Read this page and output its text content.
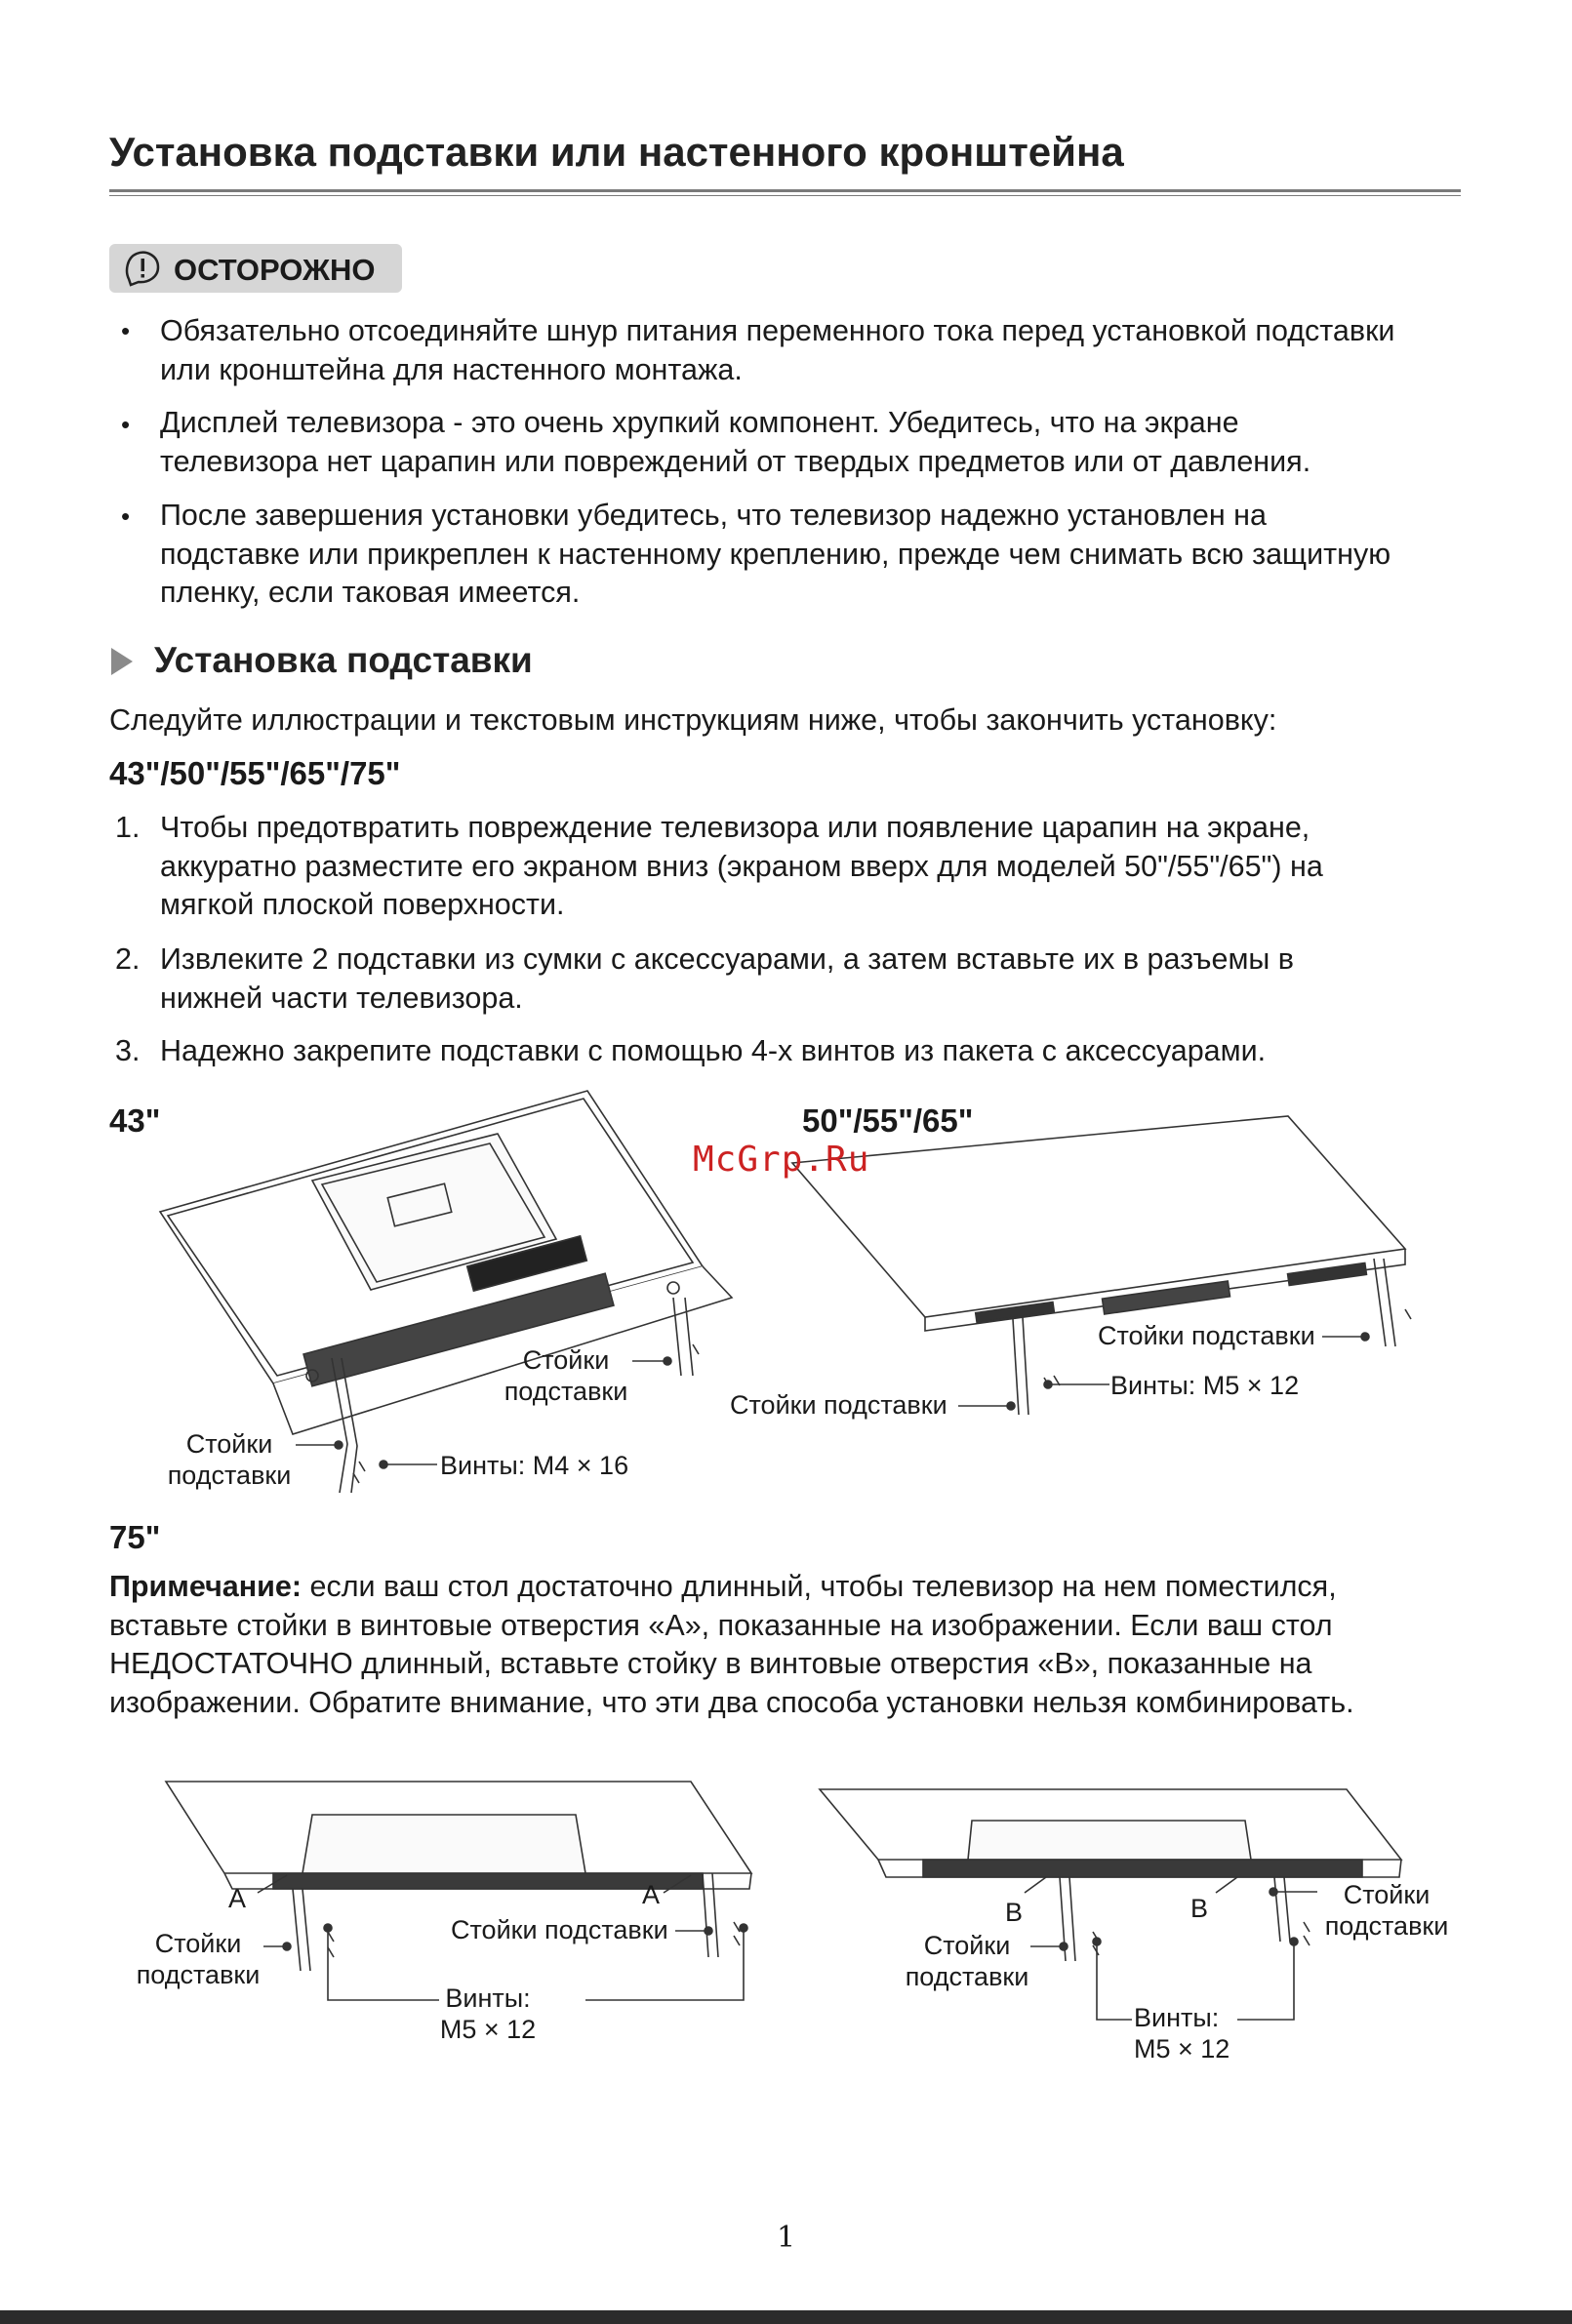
Установка подставки или настенного кронштейна
ОСТОРОЖНО
• Обязательно отсоединяйте шнур питания переменного тока перед установкой подставки
или кронштейна для настенного монтажа.
• Дисплей телевизора - это очень хрупкий компонент. Убедитесь, что на экране
телевизора нет царапин или повреждений от твердых предметов или от давления.
• После завершения установки убедитесь, что телевизор надежно установлен на
подставке или прикреплен к настенному креплению, прежде чем снимать всю защитную
пленку, если таковая имеется.
Установка подставки
Следуйте иллюстрации и текстовым инструкциям ниже, чтобы закончить установку:
43"/50"/55"/65"/75"
1. Чтобы предотвратить повреждение телевизора или появление царапин на экране,
аккуратно разместите его экраном вниз (экраном вверх для моделей 50"/55"/65") на
мягкой плоской поверхности.
2. Извлеките 2 подставки из сумки с аксессуарами, а затем вставьте их в разъемы в
нижней части телевизора.
3. Надежно закрепите подставки с помощью 4-х винтов из пакета с аксессуарами.
43"
Стойки
подставки
Стойки
подставки	Винты: M4 × 16
50"/55"/65"
Стойки подставки
Винты: M5 × 12
Стойки подставки
McGrp.Ru
75"
Примечание: если ваш стол достаточно длинный, чтобы телевизор на нем поместился,
вставьте стойки в винтовые отверстия «A», показанные на изображении. Если ваш стол
НЕДОСТАТОЧНО длинный, вставьте стойку в винтовые отверстия «B», показанные на
изображении. Обратите внимание, что эти два способа установки нельзя комбинировать.
A	A
Стойки
подставки
Стойки подставки
Винты:
M5 × 12
B	B
Стойки
подставки
Стойки
подставки
Винты:
M5 × 12
1
